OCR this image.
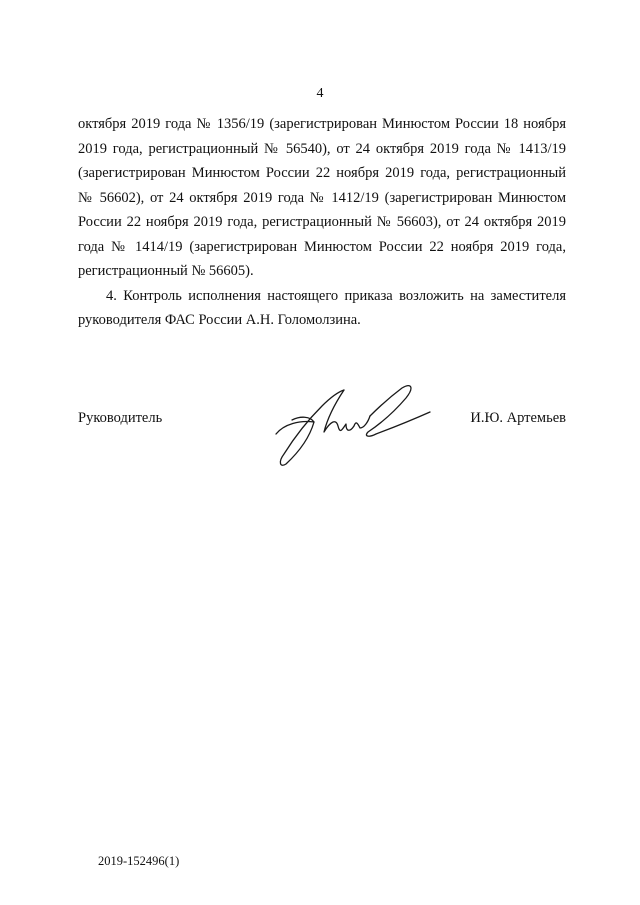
4
октября 2019 года № 1356/19 (зарегистрирован Минюстом России 18 ноября
2019 года, регистрационный № 56540), от 24 октября 2019 года № 1413/19
(зарегистрирован Минюстом России 22 ноября 2019 года, регистрационный
№ 56602), от 24 октября 2019 года № 1412/19 (зарегистрирован Минюстом
России 22 ноября 2019 года, регистрационный № 56603), от 24 октября 2019
года № 1414/19 (зарегистрирован Минюстом России 22 ноября 2019 года,
регистрационный № 56605).
4. Контроль исполнения настоящего приказа возложить на заместителя
руководителя ФАС России А.Н. Голомолзина.
Руководитель	И.Ю. Артемьев
2019-152496(1)
